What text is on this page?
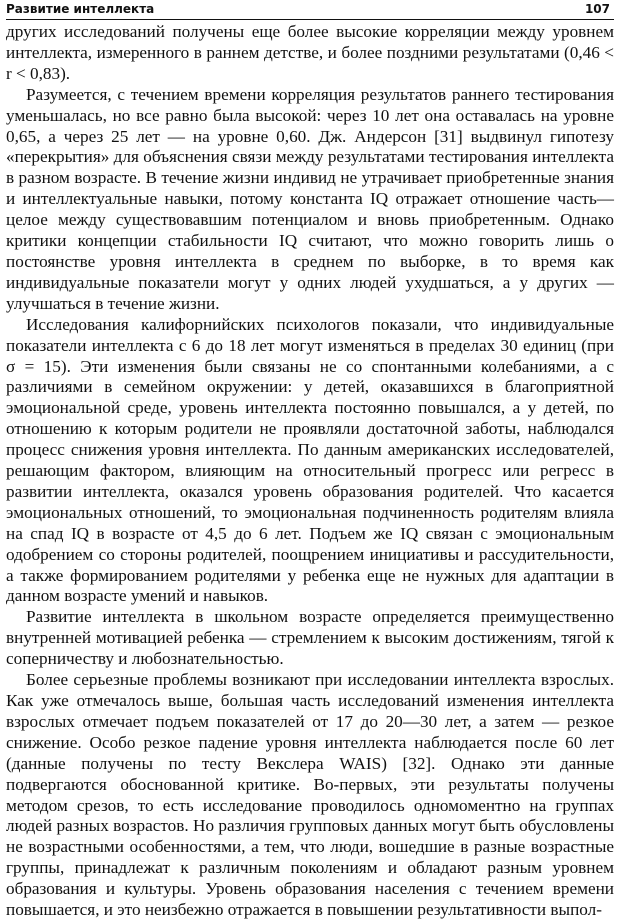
Развитие интеллекта	107

других исследований получены еще более высокие корреляции между уровнем интеллекта, измеренного в раннем детстве, и более поздними результатами (0,46 < r < 0,83).

Разумеется, с течением времени корреляция результатов раннего тестирования уменьшалась, но все равно была высокой: через 10 лет она оставалась на уровне 0,65, а через 25 лет — на уровне 0,60. Дж. Андерсон [31] выдвинул гипотезу «перекрытия» для объяснения связи между результатами тестирования интеллекта в разном возрасте. В течение жизни индивид не утрачивает приобретенные знания и интеллектуальные навыки, потому константа IQ отражает отношение часть—целое между существовавшим потенциалом и вновь приобретенным. Однако критики концепции стабильности IQ считают, что можно говорить лишь о постоянстве уровня интеллекта в среднем по выборке, в то время как индивидуальные показатели могут у одних людей ухудшаться, а у других — улучшаться в течение жизни.

Исследования калифорнийских психологов показали, что индивидуальные показатели интеллекта с 6 до 18 лет могут изменяться в пределах 30 единиц (при σ = 15). Эти изменения были связаны не со спонтанными колебаниями, а с различиями в семейном окружении: у детей, оказавшихся в благоприятной эмоциональной среде, уровень интеллекта постоянно повышался, а у детей, по отношению к которым родители не проявляли достаточной заботы, наблюдался процесс снижения уровня интеллекта. По данным американских исследователей, решающим фактором, влияющим на относительный прогресс или регресс в развитии интеллекта, оказался уровень образования родителей. Что касается эмоциональных отношений, то эмоциональная подчиненность родителям влияла на спад IQ в возрасте от 4,5 до 6 лет. Подъем же IQ связан с эмоциональным одобрением со стороны родителей, поощрением инициативы и рассудительности, а также формированием родителями у ребенка еще не нужных для адаптации в данном возрасте умений и навыков.

Развитие интеллекта в школьном возрасте определяется преимущественно внутренней мотивацией ребенка — стремлением к высоким достижениям, тягой к соперничеству и любознательностью.

Более серьезные проблемы возникают при исследовании интеллекта взрослых. Как уже отмечалось выше, большая часть исследований изменения интеллекта взрослых отмечает подъем показателей от 17 до 20—30 лет, а затем — резкое снижение. Особо резкое падение уровня интеллекта наблюдается после 60 лет (данные получены по тесту Векслера WAIS) [32]. Однако эти данные подвергаются обоснованной критике. Во-первых, эти результаты получены методом срезов, то есть исследование проводилось одномоментно на группах людей разных возрастов. Но различия групповых данных могут быть обусловлены не возрастными особенностями, а тем, что люди, вошедшие в разные возрастные группы, принадлежат к различным поколениям и обладают разным уровнем образования и культуры. Уровень образования населения с течением времени повышается, и это неизбежно отражается в повышении результативности выпол-
